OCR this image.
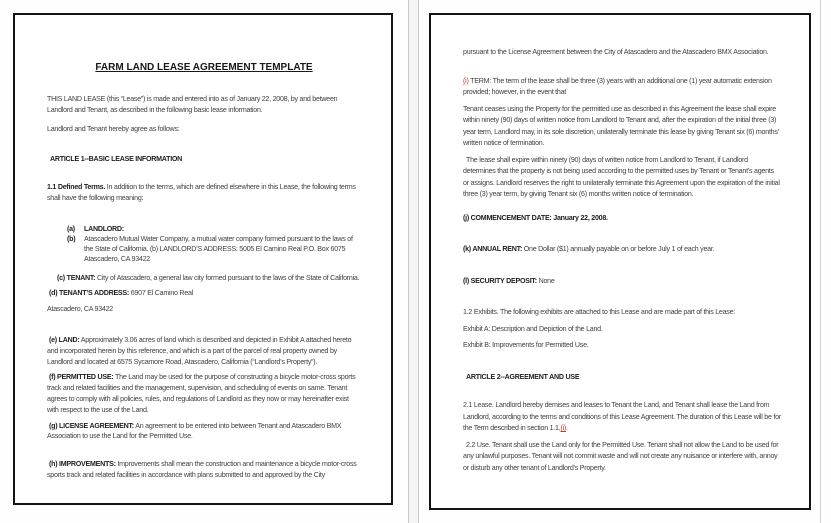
FARM LAND LEASE AGREEMENT TEMPLATE
THIS LAND LEASE (this “Lease”) is made and entered into as of January 22, 2008, by and between Landlord and Tenant, as described in the following basic lease information.
Landlord and Tenant hereby agree as follows:
ARTICLE 1--BASIC LEASE INFORMATION
1.1 Defined Terms. In addition to the terms, which are defined elsewhere in this Lease, the following terms shall have the following meaning:
(a) LANDLORD:
(b) Atascadero Mutual Water Company, a mutual water company formed pursuant to the laws of the State of California. (b) LANDLORD’S ADDRESS: 5005 El Camino Real P.O. Box 6075 Atascadero, CA 93422
(c) TENANT: City of Atascadero, a general law city formed pursuant to the laws of the State of California.
(d) TENANT’S ADDRESS: 6907 El Camino Real
Atascadero, CA 93422
(e) LAND: Approximately 3.06 acres of land which is described and depicted in Exhibit A attached hereto and incorporated herein by this reference, and which is a part of the parcel of real property owned by Landlord and located at 6575 Sycamore Road, Atascadero, California (“Landlord’s Property”).
(f) PERMITTED USE: The Land may be used for the purpose of constructing a bicycle motor-cross sports track and related facilities and the management, supervision, and scheduling of events on same. Tenant agrees to comply with all policies, rules, and regulations of Landlord as they now or may hereinafter exist with respect to the use of the Land.
(g) LICENSE AGREEMENT: An agreement to be entered into between Tenant and Atascadero BMX Association to use the Land for the Permitted Use.
(h) IMPROVEMENTS: Improvements shall mean the construction and maintenance a bicycle motor-cross sports track and related facilities in accordance with plans submitted to and approved by the City
pursuant to the License Agreement between the City of Atascadero and the Atascadero BMX Association.
(i) TERM: The term of the lease shall be three (3) years with an additional one (1) year automatic extension provided; however, in the event that
Tenant ceases using the Property for the permitted use as described in this Agreement the lease shall expire within ninety (90) days of written notice from Landlord to Tenant and, after the expiration of the initial three (3) year term, Landlord may, in its sole discretion, unilaterally terminate this lease by giving Tenant six (6) months’ written notice of termination.
The lease shall expire within ninety (90) days of written notice from Landlord to Tenant, if Landlord determines that the property is not being used according to the permitted uses by Tenant or Tenant’s agents or assigns. Landlord reserves the right to unilaterally terminate this Agreement upon the expiration of the initial three (3) year term, by giving Tenant six (6) months written notice of termination.
(j) COMMENCEMENT DATE: January 22, 2008.
(k) ANNUAL RENT: One Dollar ($1) annually payable on or before July 1 of each year.
(l) SECURITY DEPOSIT: None
1.2 Exhibits. The following exhibits are attached to this Lease and are made part of this Lease:
Exhibit A: Description and Depiction of the Land.
Exhibit B: Improvements for Permitted Use.
ARTICLE 2--AGREEMENT AND USE
2.1 Lease. Landlord hereby demises and leases to Tenant the Land, and Tenant shall lease the Land from Landlord, according to the terms and conditions of this Lease Agreement. The duration of this Lease will be for the Term described in section 1.1,(i).
2.2 Use. Tenant shall use the Land only for the Permitted Use. Tenant shall not allow the Land to be used for any unlawful purposes. Tenant will not commit waste and will not create any nuisance or interfere with, annoy or disturb any other tenant of Landlord’s Property.
